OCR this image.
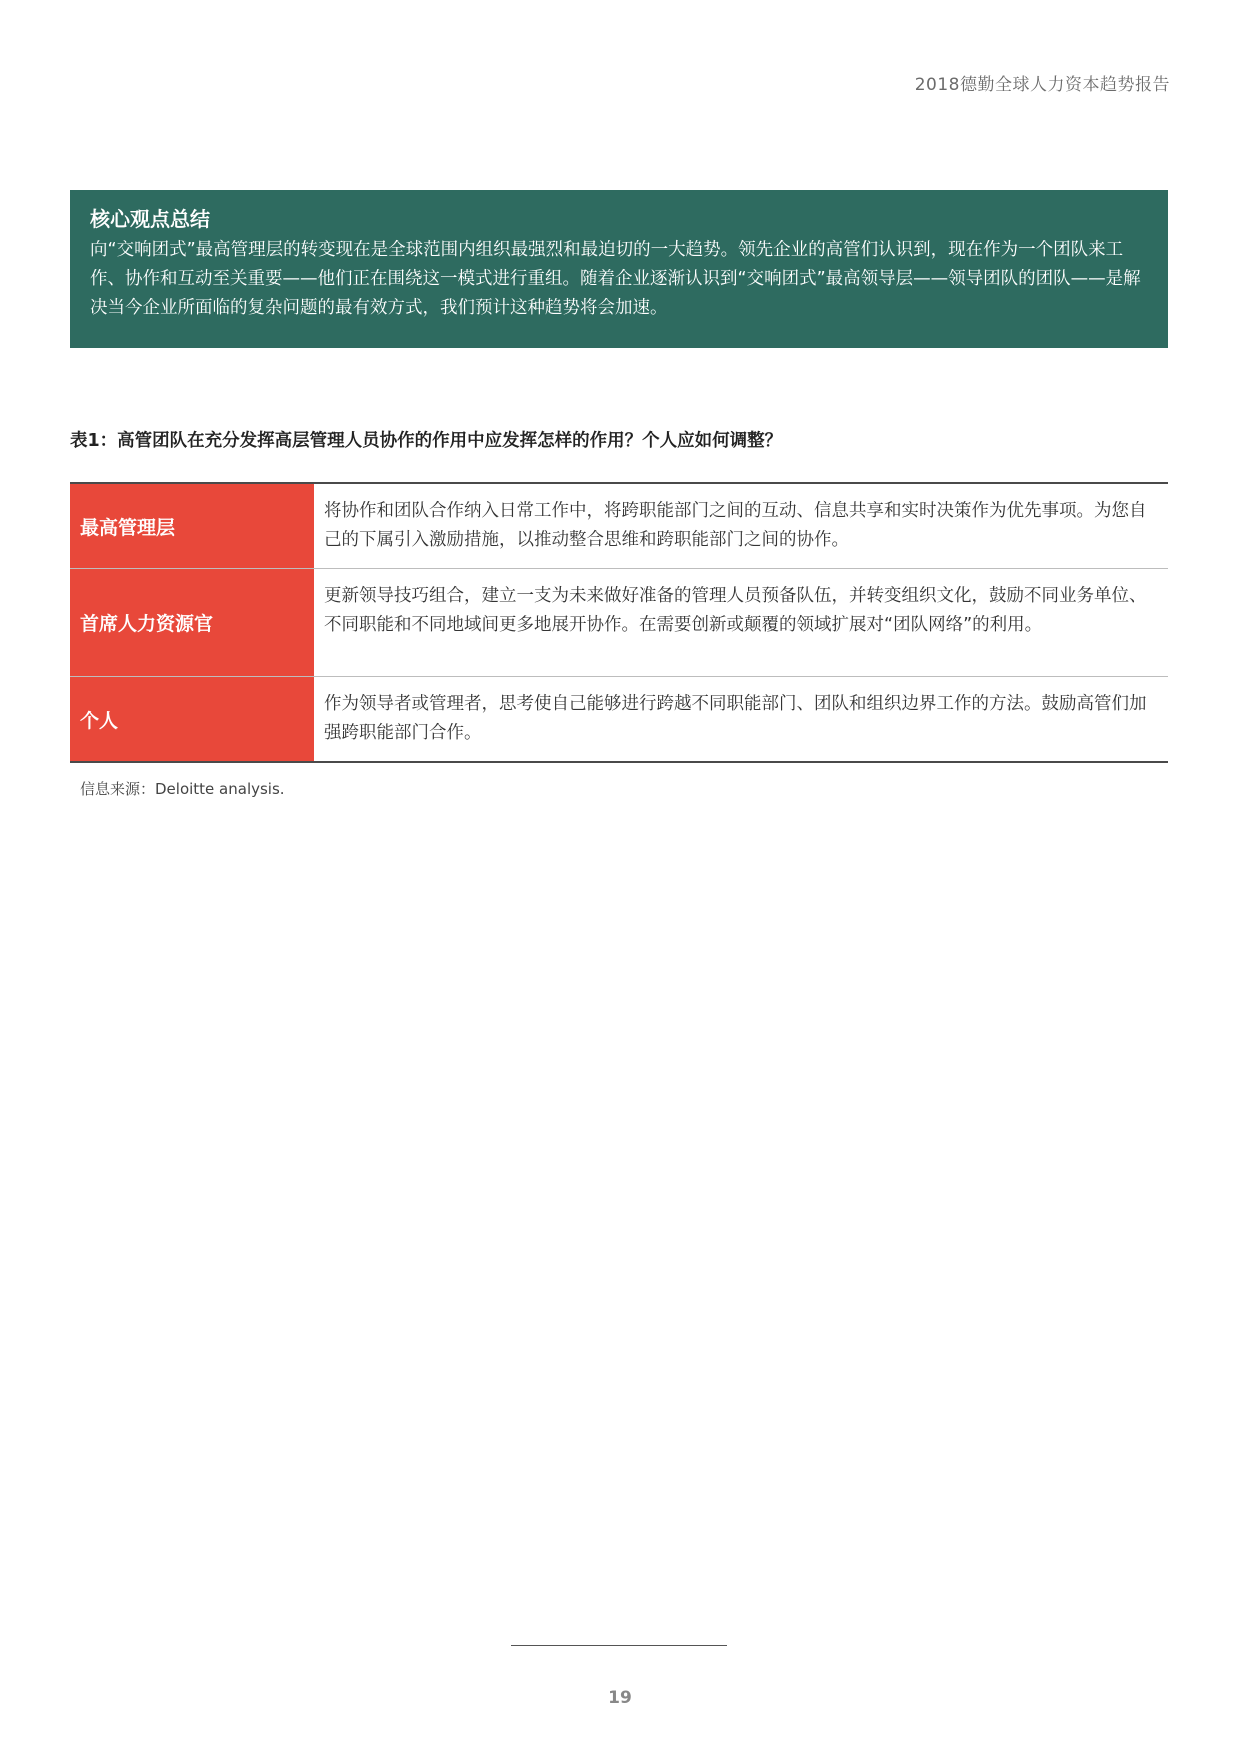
2018德勤全球人力资本趋势报告
核心观点总结
向“交响团式”最高管理层的转变现在是全球范围内组织最强烈和最迫切的一大趋势。领先企业的高管们认识到，现在作为一个团队来工作、协作和互动至关重要——他们正在围绕这一模式进行重组。随着企业逐渐认识到“交响团式”最高领导层——领导团队的团队——是解决当今企业所面临的复杂问题的最有效方式，我们预计这种趋势将会加速。
表1：高管团队在充分发挥高层管理人员协作的作用中应发挥怎样的作用？个人应如何调整？
最高管理层
将协作和团队合作纳入日常工作中，将跨职能部门之间的互动、信息共享和实时决策作为优先事项。为您自己的下属引入激励措施，以推动整合思维和跨职能部门之间的协作。
首席人力资源官
更新领导技巧组合，建立一支为未来做好准备的管理人员预备队伍，并转变组织文化，鼓励不同业务单位、不同职能和不同地域间更多地展开协作。在需要创新或颠覆的领域扩展对“团队网络”的利用。
个人
作为领导者或管理者，思考使自己能够进行跨越不同职能部门、团队和组织边界工作的方法。鼓励高管们加强跨职能部门合作。
信息来源：Deloitte analysis.
19
